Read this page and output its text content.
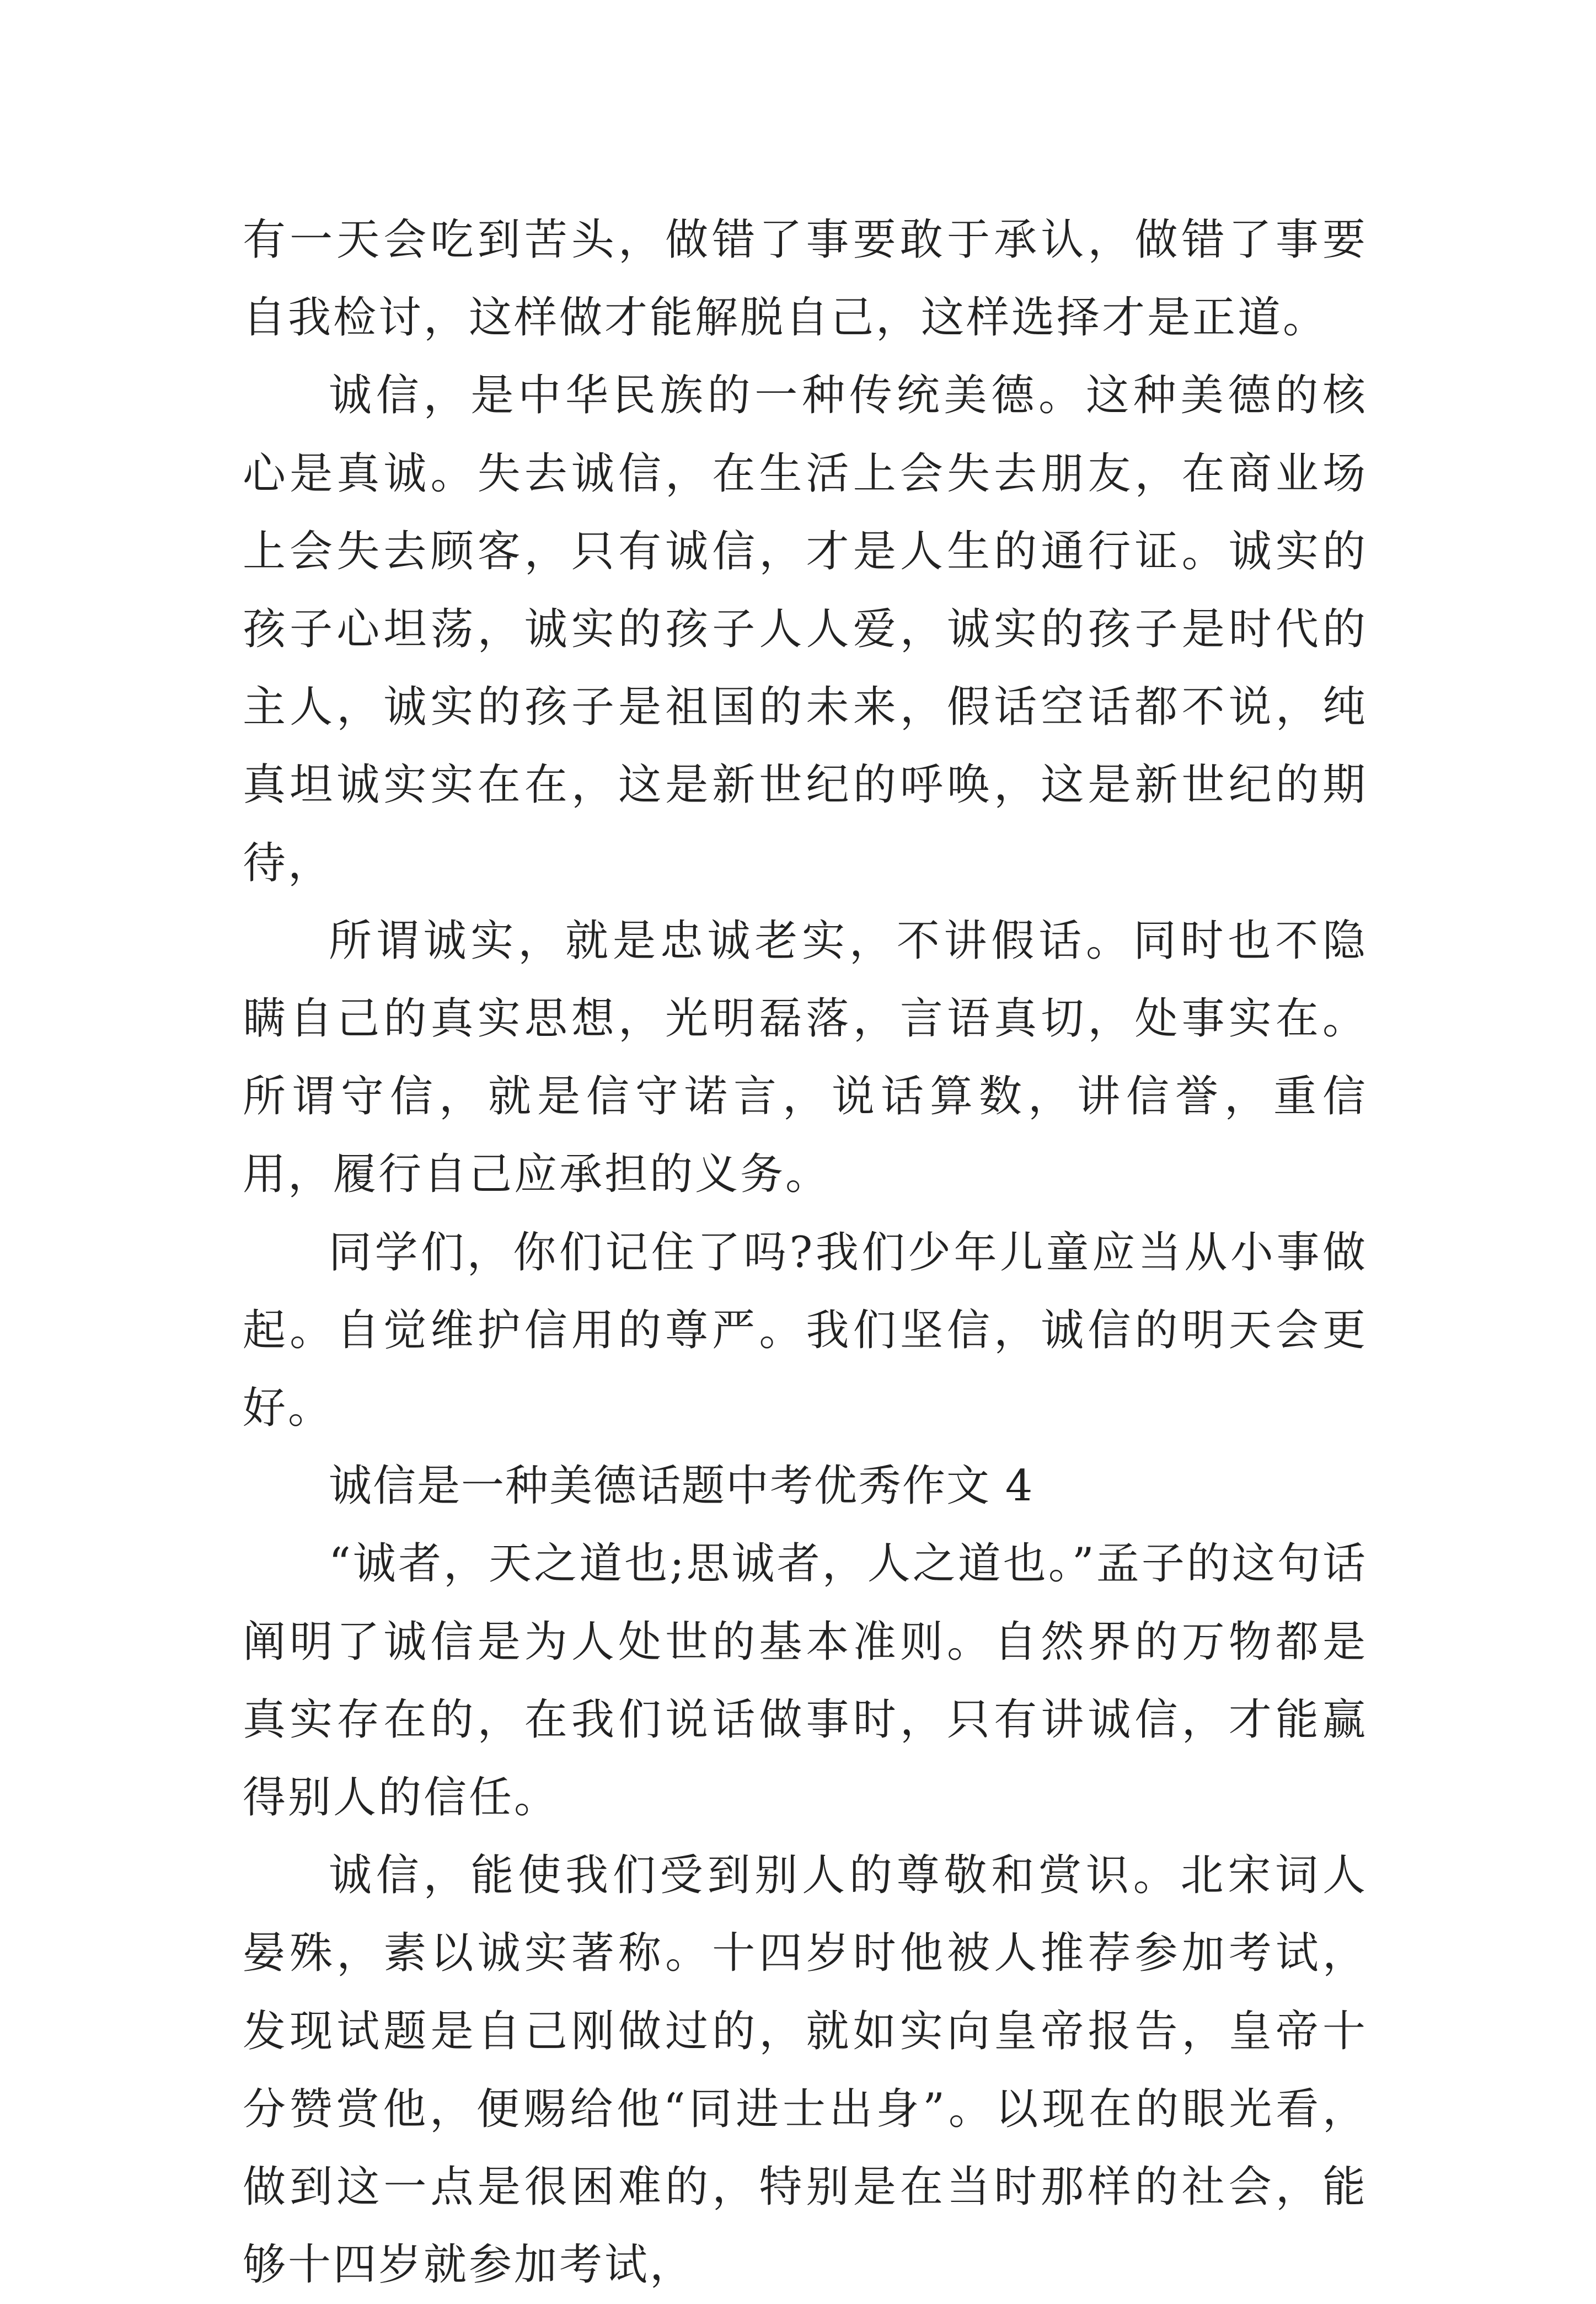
有一天会吃到苦头，做错了事要敢于承认，做错了事要自我检讨，这样做才能解脱自己，这样选择才是正道。

诚信，是中华民族的一种传统美德。这种美德的核心是真诚。失去诚信，在生活上会失去朋友，在商业场上会失去顾客，只有诚信，才是人生的通行证。诚实的孩子心坦荡，诚实的孩子人人爱，诚实的孩子是时代的主人，诚实的孩子是祖国的未来，假话空话都不说，纯真坦诚实实在在，这是新世纪的呼唤，这是新世纪的期待，

所谓诚实，就是忠诚老实，不讲假话。同时也不隐瞒自己的真实思想，光明磊落，言语真切，处事实在。所谓守信，就是信守诺言，说话算数，讲信誉，重信用，履行自己应承担的义务。

同学们，你们记住了吗?我们少年儿童应当从小事做起。自觉维护信用的尊严。我们坚信，诚信的明天会更好。

诚信是一种美德话题中考优秀作文 4

“诚者，天之道也;思诚者，人之道也。”孟子的这句话阐明了诚信是为人处世的基本准则。自然界的万物都是真实存在的，在我们说话做事时，只有讲诚信，才能赢得别人的信任。

诚信，能使我们受到别人的尊敬和赏识。北宋词人晏殊，素以诚实著称。十四岁时他被人推荐参加考试，发现试题是自己刚做过的，就如实向皇帝报告，皇帝十分赞赏他，便赐给他“同进士出身”。以现在的眼光看，做到这一点是很困难的，特别是在当时那样的社会，能够十四岁就参加考试，
